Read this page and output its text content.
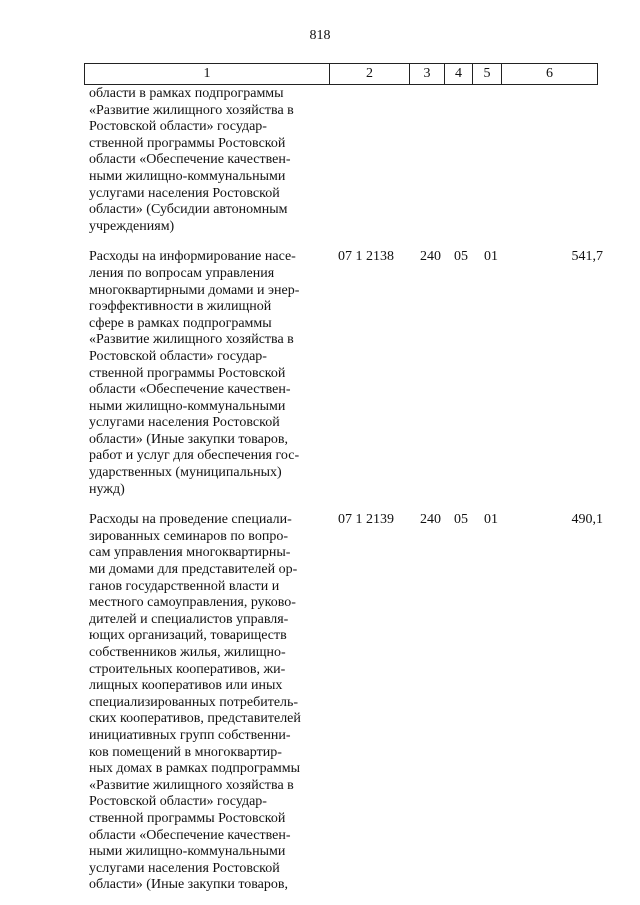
818
1	2	3	4	5	6
области в рамках подпрограммы
«Развитие жилищного хозяйства в
Ростовской области» государ-
ственной программы Ростовской
области «Обеспечение качествен-
ными жилищно-коммунальными
услугами населения Ростовской
области» (Субсидии автономным
учреждениям)
Расходы на информирование насе-
ления по вопросам управления
многоквартирными домами и энер-
гоэффективности в жилищной
сфере в рамках подпрограммы
«Развитие жилищного хозяйства в
Ростовской области» государ-
ственной программы Ростовской
области «Обеспечение качествен-
ными жилищно-коммунальными
услугами населения Ростовской
области» (Иные закупки товаров,
работ и услуг для обеспечения гос-
ударственных (муниципальных)
нужд)
07 1 2138	240 05	01	541,7
Расходы на проведение специали-
зированных семинаров по вопро-
сам управления многоквартирны-
ми домами для представителей ор-
ганов государственной власти и
местного самоуправления, руково-
дителей и специалистов управля-
ющих организаций, товариществ
собственников жилья, жилищно-
строительных кооперативов, жи-
лищных кооперативов или иных
специализированных потребитель-
ских кооперативов, представителей
инициативных групп собственни-
ков помещений в многоквартир-
ных домах в рамках подпрограммы
«Развитие жилищного хозяйства в
Ростовской области» государ-
ственной программы Ростовской
области «Обеспечение качествен-
ными жилищно-коммунальными
услугами населения Ростовской
области» (Иные закупки товаров,
07 1 2139	240 05	01	490,1
